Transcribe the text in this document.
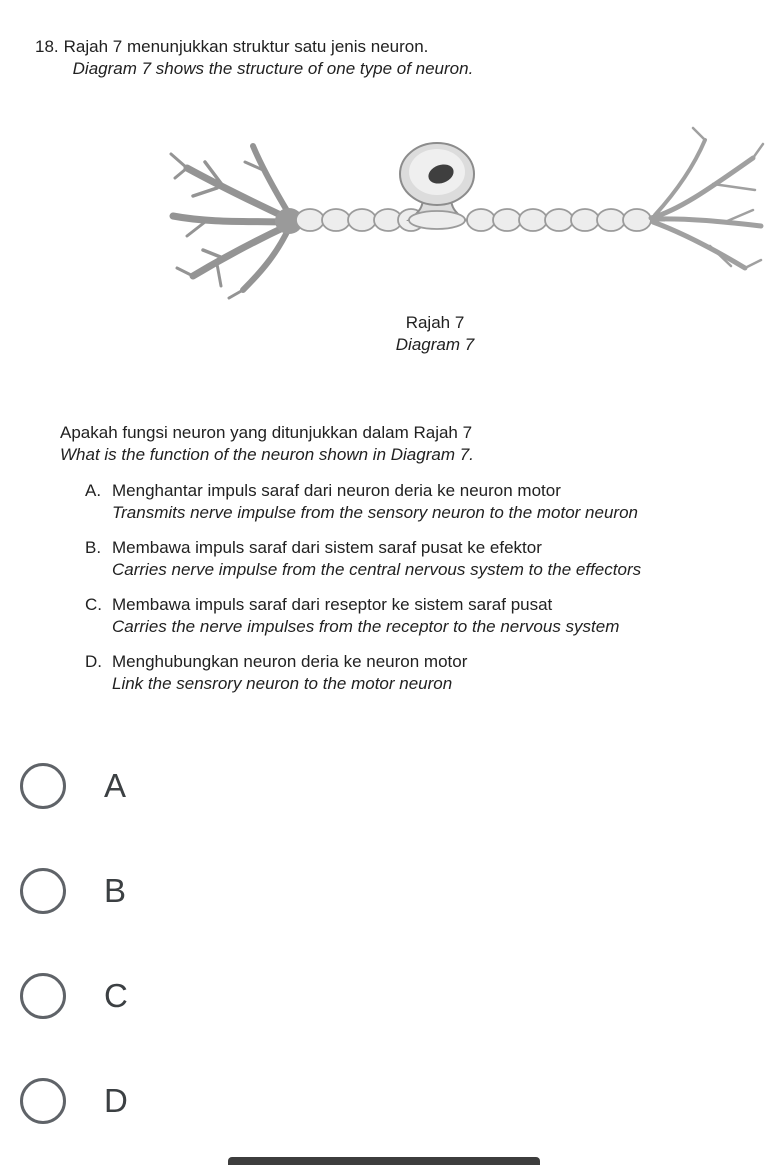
18. Rajah 7 menunjukkan struktur satu jenis neuron.
Diagram 7 shows the structure of one type of neuron.
Rajah 7
Diagram 7
Apakah fungsi neuron yang ditunjukkan dalam Rajah 7
What is the function of the neuron shown in Diagram 7.
A. Menghantar impuls saraf dari neuron deria ke neuron motor
Transmits nerve impulse from the sensory neuron to the motor neuron
B. Membawa impuls saraf dari sistem saraf pusat ke efektor
Carries nerve impulse from the central nervous system to the effectors
C. Membawa impuls saraf dari reseptor ke sistem saraf pusat
Carries the nerve impulses from the receptor to the nervous system
D. Menghubungkan neuron deria ke neuron motor
Link the sensrory neuron to the motor neuron
A
B
C
D
